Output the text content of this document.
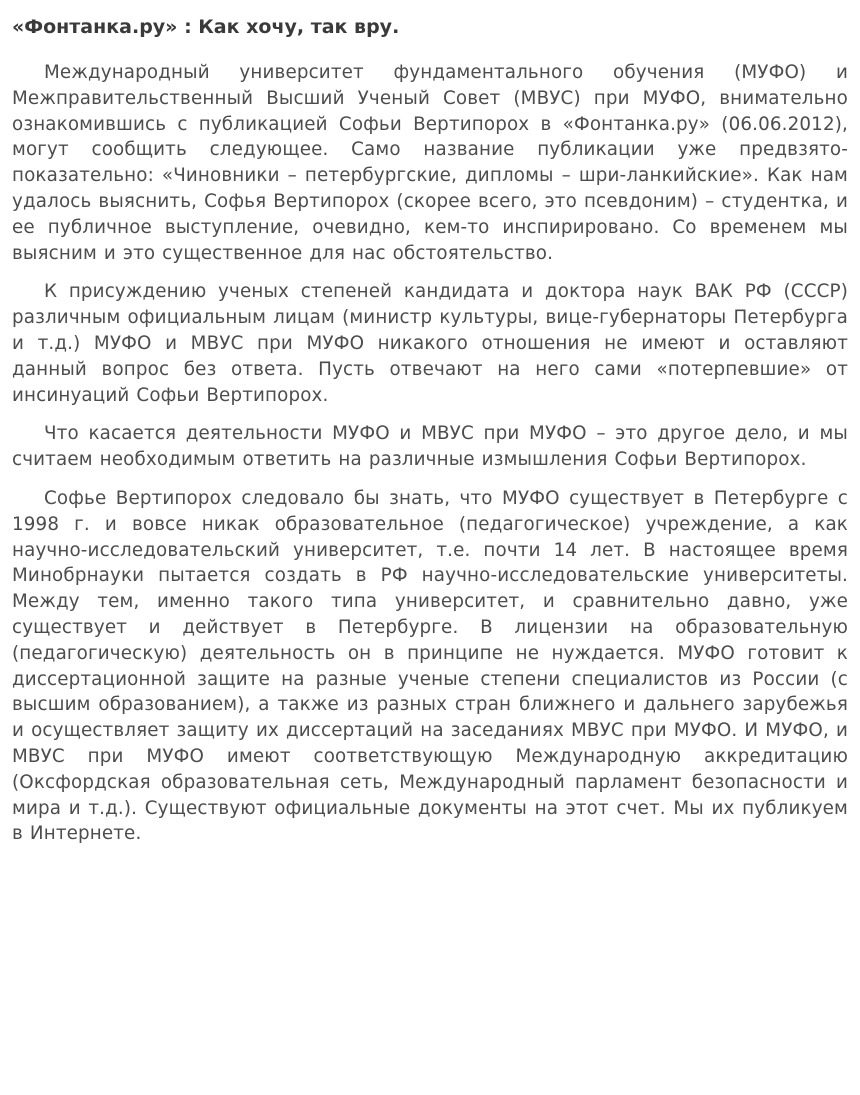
«Фонтанка.ру» : Как хочу, так вру.

Международный университет фундаментального обучения (МУФО) и Межправительственный Высший Ученый Совет (МВУС) при МУФО, внимательно ознакомившись с публикацией Софьи Вертипорох в «Фонтанка.ру» (06.06.2012), могут сообщить следующее. Само название публикации уже предвзято-показательно: «Чиновники – петербургские, дипломы – шри-ланкийские». Как нам удалось выяснить, Софья Вертипорох (скорее всего, это псевдоним) – студентка, и ее публичное выступление, очевидно, кем-то инспирировано. Со временем мы выясним и это существенное для нас обстоятельство.

К присуждению ученых степеней кандидата и доктора наук ВАК РФ (СССР) различным официальным лицам (министр культуры, вице-губернаторы Петербурга и т.д.) МУФО и МВУС при МУФО никакого отношения не имеют и оставляют данный вопрос без ответа. Пусть отвечают на него сами «потерпевшие» от инсинуаций Софьи Вертипорох.

Что касается деятельности МУФО и МВУС при МУФО – это другое дело, и мы считаем необходимым ответить на различные измышления Софьи Вертипорох.

Софье Вертипорох следовало бы знать, что МУФО существует в Петербурге с 1998 г. и вовсе никак образовательное (педагогическое) учреждение, а как научно-исследовательский университет, т.е. почти 14 лет. В настоящее время Минобрнауки пытается создать в РФ научно-исследовательские университеты. Между тем, именно такого типа университет, и сравнительно давно, уже существует и действует в Петербурге. В лицензии на образовательную (педагогическую) деятельность он в принципе не нуждается. МУФО готовит к диссертационной защите на разные ученые степени специалистов из России (с высшим образованием), а также из разных стран ближнего и дальнего зарубежья и осуществляет защиту их диссертаций на заседаниях МВУС при МУФО. И МУФО, и МВУС при МУФО имеют соответствующую Международную аккредитацию (Оксфордская образовательная сеть, Международный парламент безопасности и мира и т.д.). Существуют официальные документы на этот счет. Мы их публикуем в Интернете.
